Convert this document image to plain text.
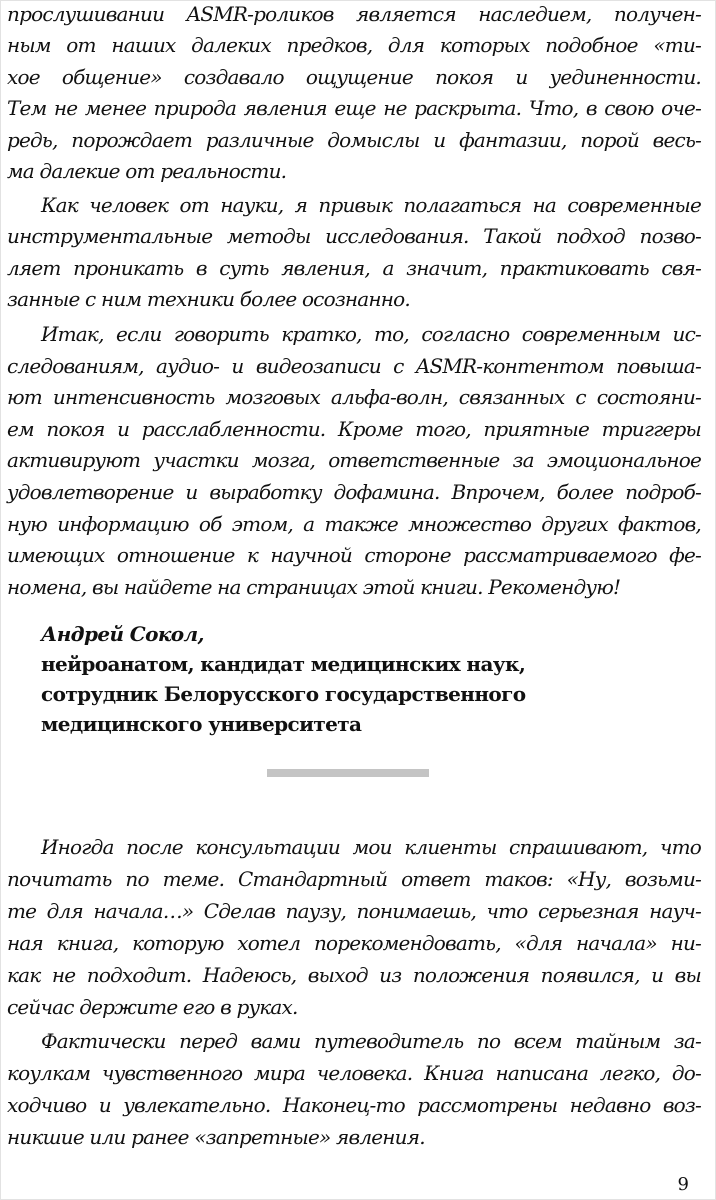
прослушивании ASMR-роликов является наследием, получен-
ным от наших далеких предков, для которых подобное «ти-
хое общение» создавало ощущение покоя и уединенности.
Тем не менее природа явления еще не раскрыта. Что, в свою оче-
редь, порождает различные домыслы и фантазии, порой весь-
ма далекие от реальности.
Как человек от науки, я привык полагаться на современные
инструментальные методы исследования. Такой подход позво-
ляет проникать в суть явления, а значит, практиковать свя-
занные с ним техники более осознанно.
Итак, если говорить кратко, то, согласно современным ис-
следованиям, аудио- и видеозаписи с ASMR-контентом повыша-
ют интенсивность мозговых альфа-волн, связанных с состояни-
ем покоя и расслабленности. Кроме того, приятные триггеры
активируют участки мозга, ответственные за эмоциональное
удовлетворение и выработку дофамина. Впрочем, более подроб-
ную информацию об этом, а также множество других фактов,
имеющих отношение к научной стороне рассматриваемого фе-
номена, вы найдете на страницах этой книги. Рекомендую!
Андрей Сокол,
нейроанатом, кандидат медицинских наук,
сотрудник Белорусского государственного
медицинского университета
Иногда после консультации мои клиенты спрашивают, что
почитать по теме. Стандартный ответ таков: «Ну, возьми-
те для начала…» Сделав паузу, понимаешь, что серьезная науч-
ная книга, которую хотел порекомендовать, «для начала» ни-
как не подходит. Надеюсь, выход из положения появился, и вы
сейчас держите его в руках.
Фактически перед вами путеводитель по всем тайным за-
коулкам чувственного мира человека. Книга написана легко, до-
ходчиво и увлекательно. Наконец-то рассмотрены недавно воз-
никшие или ранее «запретные» явления.
9
